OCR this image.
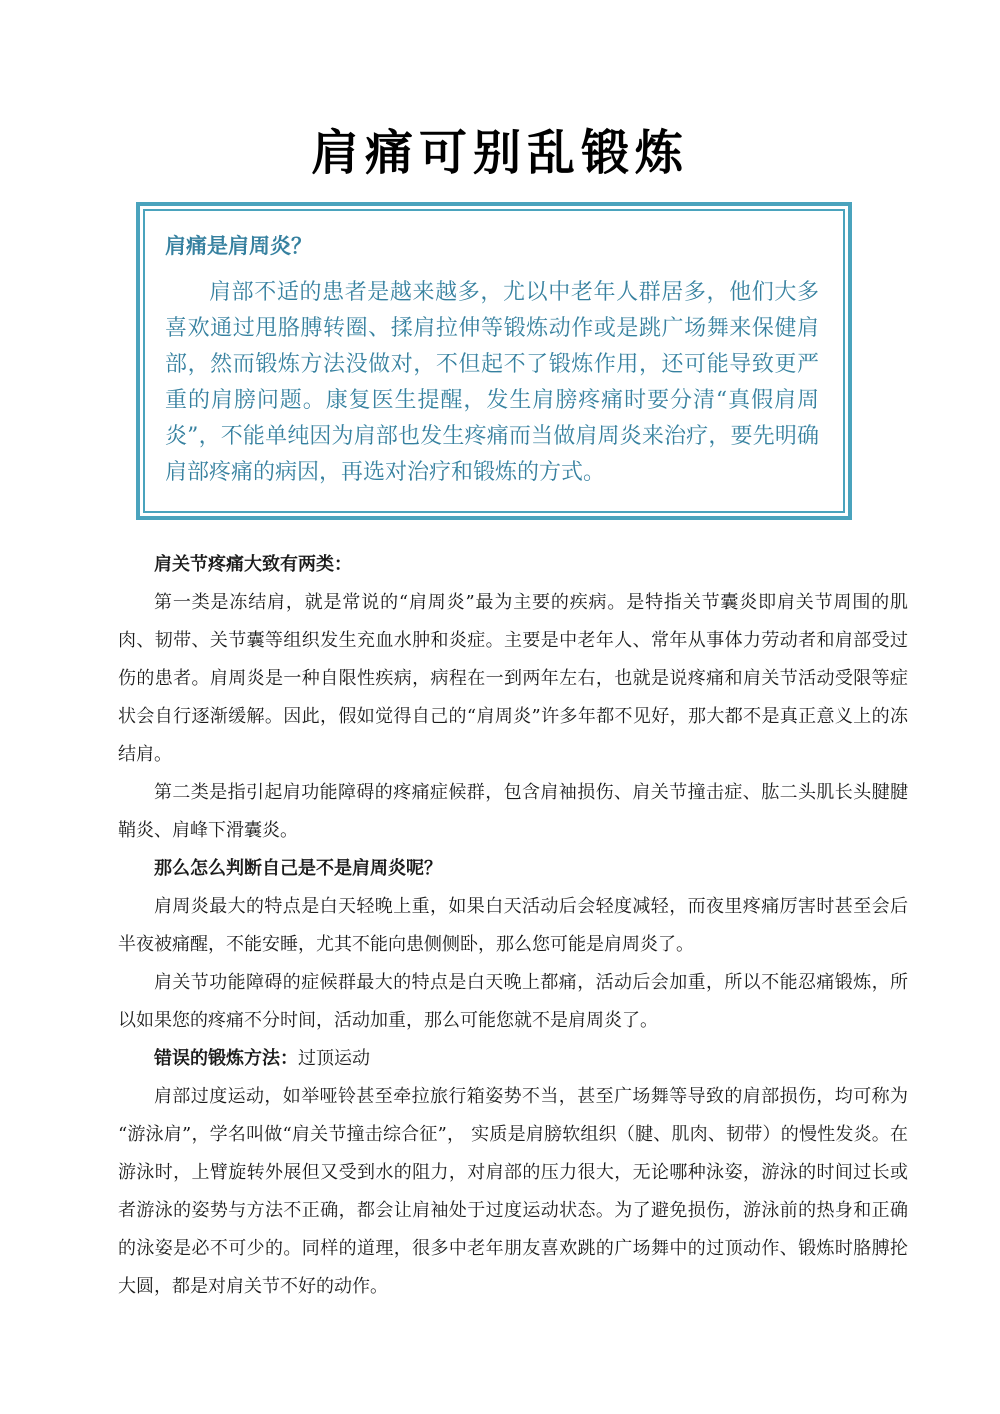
肩痛可别乱锻炼
肩痛是肩周炎？

肩部不适的患者是越来越多，尤以中老年人群居多，他们大多喜欢通过甩胳膊转圈、揉肩拉伸等锻炼动作或是跳广场舞来保健肩部，然而锻炼方法没做对，不但起不了锻炼作用，还可能导致更严重的肩膀问题。康复医生提醒，发生肩膀疼痛时要分清“真假肩周炎”，不能单纯因为肩部也发生疼痛而当做肩周炎来治疗，要先明确肩部疼痛的病因，再选对治疗和锻炼的方式。

肩关节疼痛大致有两类：

第一类是冻结肩，就是常说的“肩周炎”最为主要的疾病。是特指关节囊炎即肩关节周围的肌肉、韧带、关节囊等组织发生充血水肿和炎症。主要是中老年人、常年从事体力劳动者和肩部受过伤的患者。肩周炎是一种自限性疾病，病程在一到两年左右，也就是说疼痛和肩关节活动受限等症状会自行逐渐缓解。因此，假如觉得自己的“肩周炎”许多年都不见好，那大都不是真正意义上的冻结肩。

第二类是指引起肩功能障碍的疼痛症候群，包含肩袖损伤、肩关节撞击症、肱二头肌长头腱腱鞘炎、肩峰下滑囊炎。

那么怎么判断自己是不是肩周炎呢？

肩周炎最大的特点是白天轻晚上重，如果白天活动后会轻度减轻，而夜里疼痛厉害时甚至会后半夜被痛醒，不能安睡，尤其不能向患侧侧卧，那么您可能是肩周炎了。

肩关节功能障碍的症候群最大的特点是白天晚上都痛，活动后会加重，所以不能忍痛锻炼，所以如果您的疼痛不分时间，活动加重，那么可能您就不是肩周炎了。

错误的锻炼方法：过顶运动

肩部过度运动，如举哑铃甚至牵拉旅行箱姿势不当，甚至广场舞等导致的肩部损伤，均可称为“游泳肩”，学名叫做“肩关节撞击综合征”， 实质是肩膀软组织（腱、肌肉、韧带）的慢性发炎。在游泳时，上臂旋转外展但又受到水的阻力，对肩部的压力很大，无论哪种泳姿，游泳的时间过长或者游泳的姿势与方法不正确，都会让肩袖处于过度运动状态。为了避免损伤，游泳前的热身和正确的泳姿是必不可少的。同样的道理，很多中老年朋友喜欢跳的广场舞中的过顶动作、锻炼时胳膊抡大圆，都是对肩关节不好的动作。
